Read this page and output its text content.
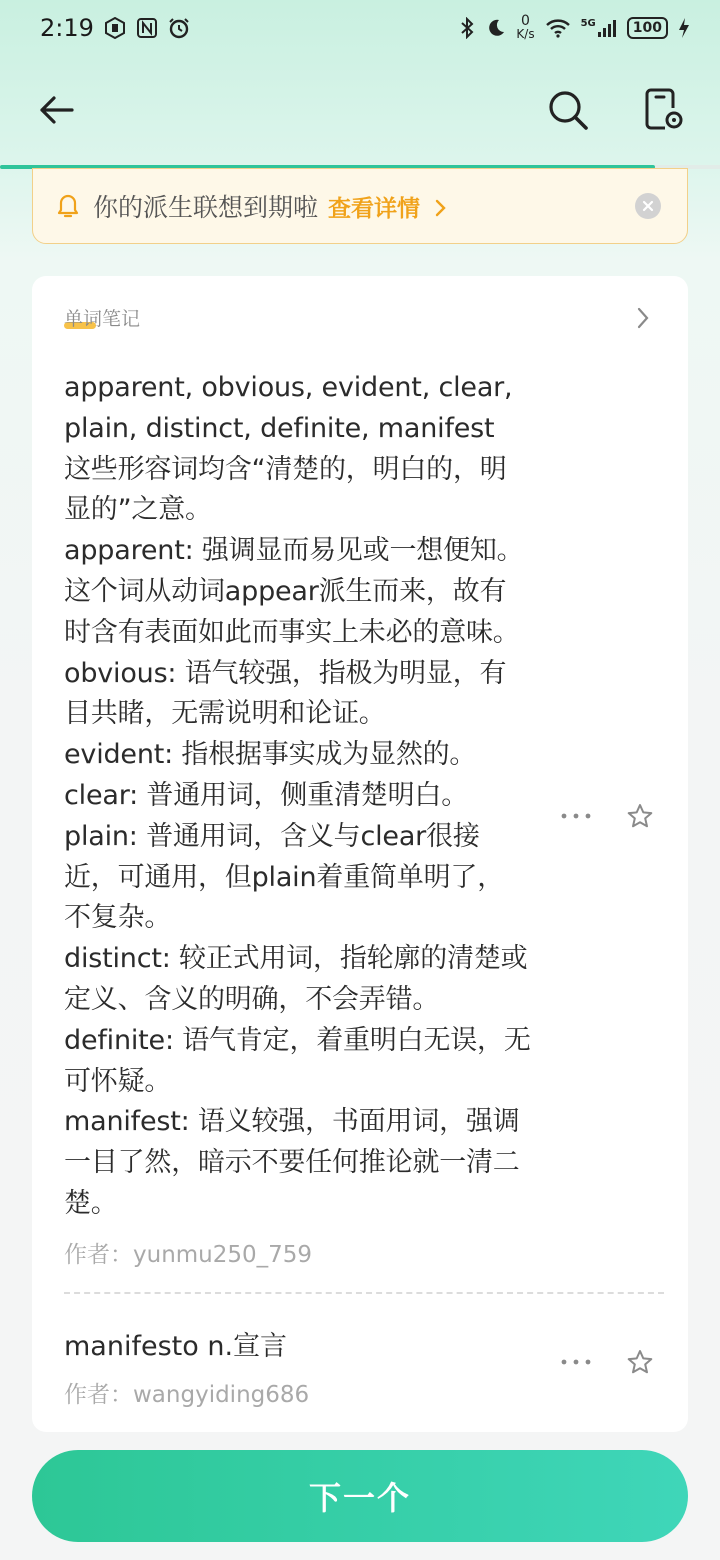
2:19	0
K/s
5G	100
你的派生联想到期啦 查看详情
单词笔记
apparent, obvious, evident, clear,
plain, distinct, definite, manifest
这些形容词均含“清楚的，明白的，明
显的”之意。
apparent: 强调显而易见或一想便知。
这个词从动词appear派生而来，故有
时含有表面如此而事实上未必的意味。
obvious: 语气较强，指极为明显，有
目共睹，无需说明和论证。
evident: 指根据事实成为显然的。
clear: 普通用词，侧重清楚明白。
plain: 普通用词，含义与clear很接
近，可通用，但plain着重简单明了，
不复杂。
distinct: 较正式用词，指轮廓的清楚或
定义、含义的明确，不会弄错。
definite: 语气肯定，着重明白无误，无
可怀疑。
manifest: 语义较强，书面用词，强调
一目了然，暗示不要任何推论就一清二
楚。
作者：yunmu250_759
manifesto n.宣言
作者：wangyiding686
下一个
